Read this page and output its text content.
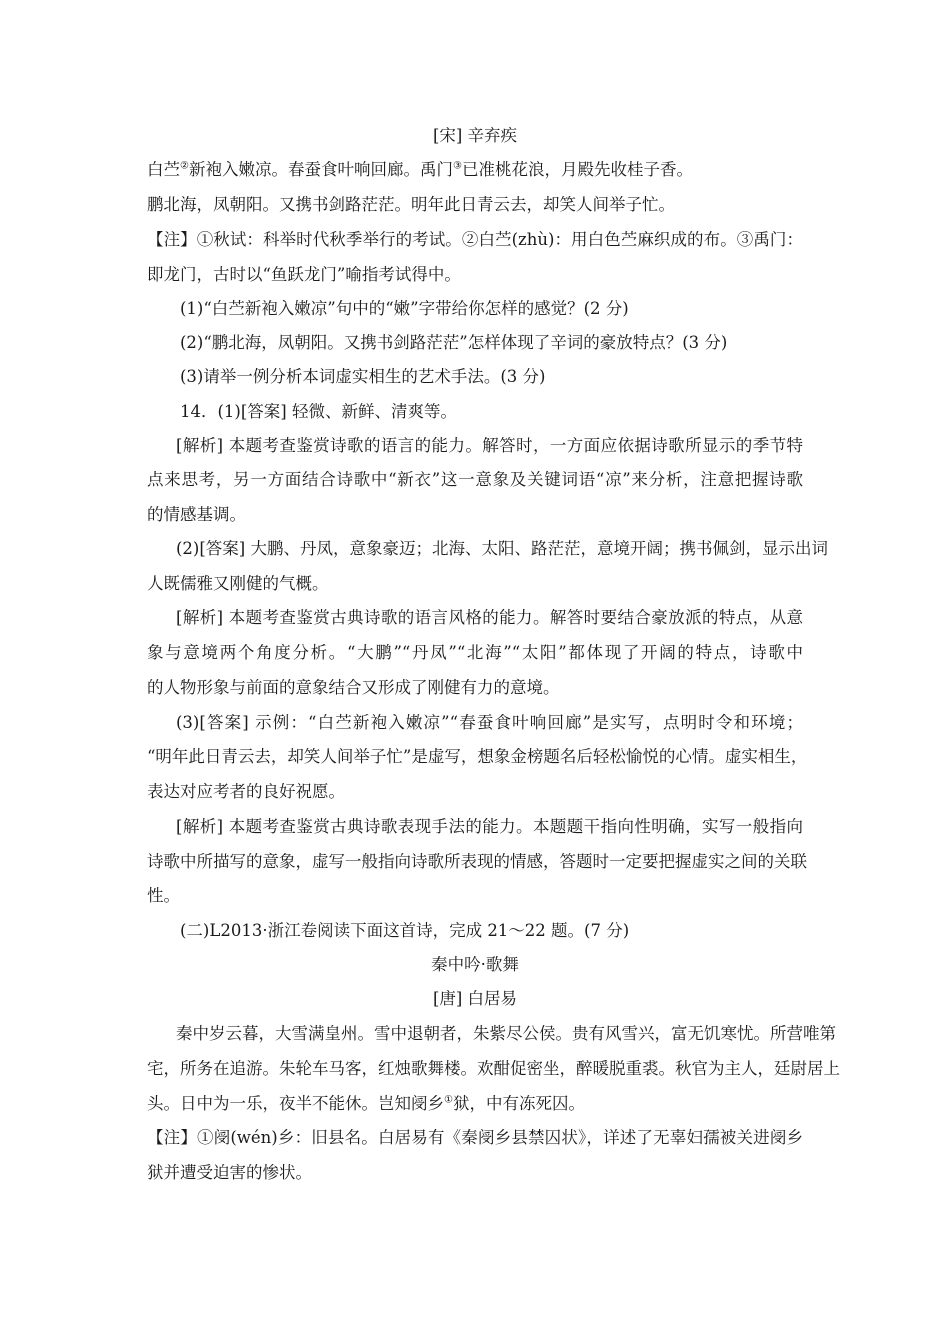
[宋] 辛弃疾
白苎②新袍入嫩凉。春蚕食叶响回廊。禹门③已准桃花浪，月殿先收桂子香。
鹏北海，凤朝阳。又携书剑路茫茫。明年此日青云去，却笑人间举子忙。
【注】①秋试：科举时代秋季举行的考试。②白苎(zhù)：用白色苎麻织成的布。③禹门：
即龙门，古时以“鱼跃龙门”喻指考试得中。
(1)“白苎新袍入嫩凉”句中的“嫩”字带给你怎样的感觉？(2 分)
(2)“鹏北海，凤朝阳。又携书剑路茫茫”怎样体现了辛词的豪放特点？(3 分)
(3)请举一例分析本词虚实相生的艺术手法。(3 分)
14．(1)[答案] 轻微、新鲜、清爽等。
[解析] 本题考查鉴赏诗歌的语言的能力。解答时，一方面应依据诗歌所显示的季节特
点来思考，另一方面结合诗歌中“新衣”这一意象及关键词语“凉”来分析，注意把握诗歌
的情感基调。
(2)[答案] 大鹏、丹凤，意象豪迈；北海、太阳、路茫茫，意境开阔；携书佩剑，显示出词
人既儒雅又刚健的气概。
[解析] 本题考查鉴赏古典诗歌的语言风格的能力。解答时要结合豪放派的特点，从意
象与意境两个角度分析。“大鹏”“丹凤”“北海”“太阳”都体现了开阔的特点，诗歌中
的人物形象与前面的意象结合又形成了刚健有力的意境。
(3)[答案] 示例：“白苎新袍入嫩凉”“春蚕食叶响回廊”是实写，点明时令和环境；
“明年此日青云去，却笑人间举子忙”是虚写，想象金榜题名后轻松愉悦的心情。虚实相生，
表达对应考者的良好祝愿。
[解析] 本题考查鉴赏古典诗歌表现手法的能力。本题题干指向性明确，实写一般指向
诗歌中所描写的意象，虚写一般指向诗歌所表现的情感，答题时一定要把握虚实之间的关联
性。
(二)L2013·浙江卷阅读下面这首诗，完成 21～22 题。(7 分)
秦中吟·歌舞
[唐] 白居易
秦中岁云暮，大雪满皇州。雪中退朝者，朱紫尽公侯。贵有风雪兴，富无饥寒忧。所营唯第
宅，所务在追游。朱轮车马客，红烛歌舞楼。欢酣促密坐，醉暖脱重裘。秋官为主人，廷尉居上
头。日中为一乐，夜半不能休。岂知阌乡①狱，中有冻死囚。
【注】①阌(wén)乡：旧县名。白居易有《秦阌乡县禁囚状》，详述了无辜妇孺被关进阌乡
狱并遭受迫害的惨状。
